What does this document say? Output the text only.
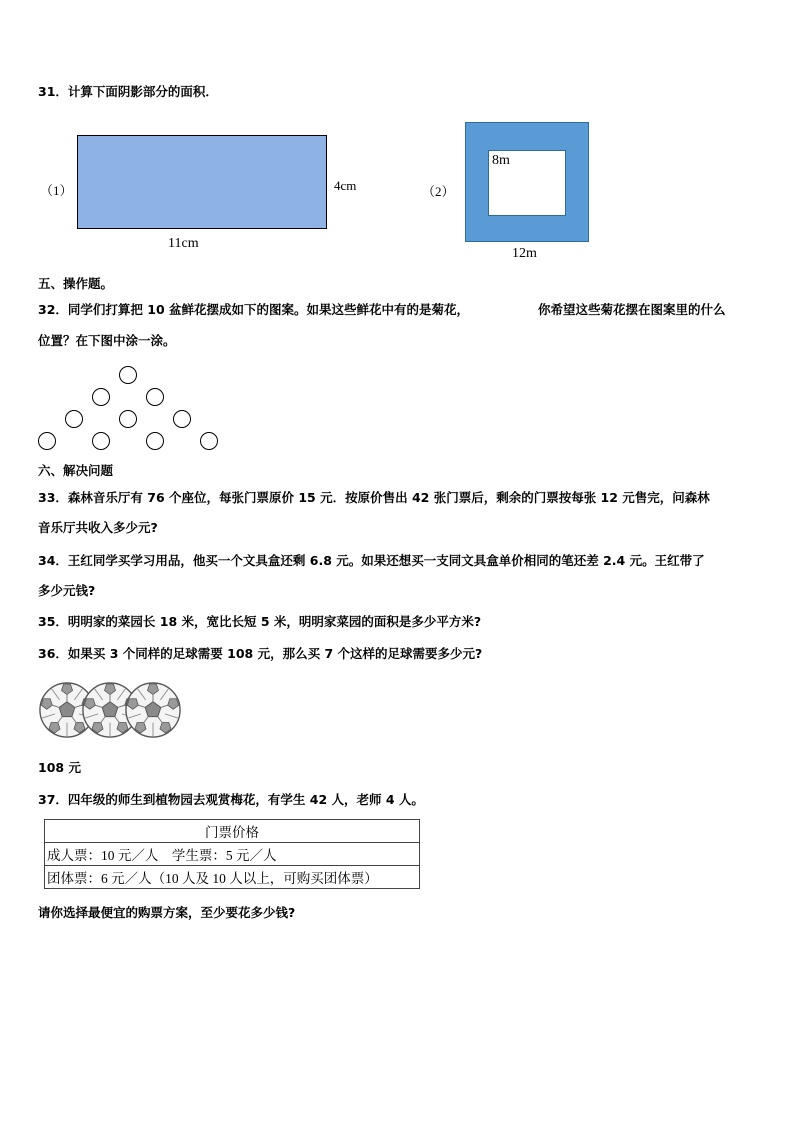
31．计算下面阴影部分的面积．
（1）	4cm
11cm
（2）
8m
12m
五、操作题。
32．同学们打算把 10 盆鲜花摆成如下的图案。如果这些鲜花中有的是菊花，	你希望这些菊花摆在图案里的什么
位置？在下图中涂一涂。
六、解决问题
33．森林音乐厅有 76 个座位，每张门票原价 15 元．按原价售出 42 张门票后，剩余的门票按每张 12 元售完，问森林
音乐厅共收入多少元?
34．王红同学买学习用品，他买一个文具盒还剩 6.8 元。如果还想买一支同文具盒单价相同的笔还差 2.4 元。王红带了
多少元钱?
35．明明家的菜园长 18 米，宽比长短 5 米，明明家菜园的面积是多少平方米?
36．如果买 3 个同样的足球需要 108 元，那么买 7 个这样的足球需要多少元?
108 元
37．四年级的师生到植物园去观赏梅花，有学生 42 人，老师 4 人。
门票价格
成人票：10 元／人　学生票：5 元／人
团体票：6 元／人（10 人及 10 人以上，可购买团体票）
请你选择最便宜的购票方案，至少要花多少钱?
